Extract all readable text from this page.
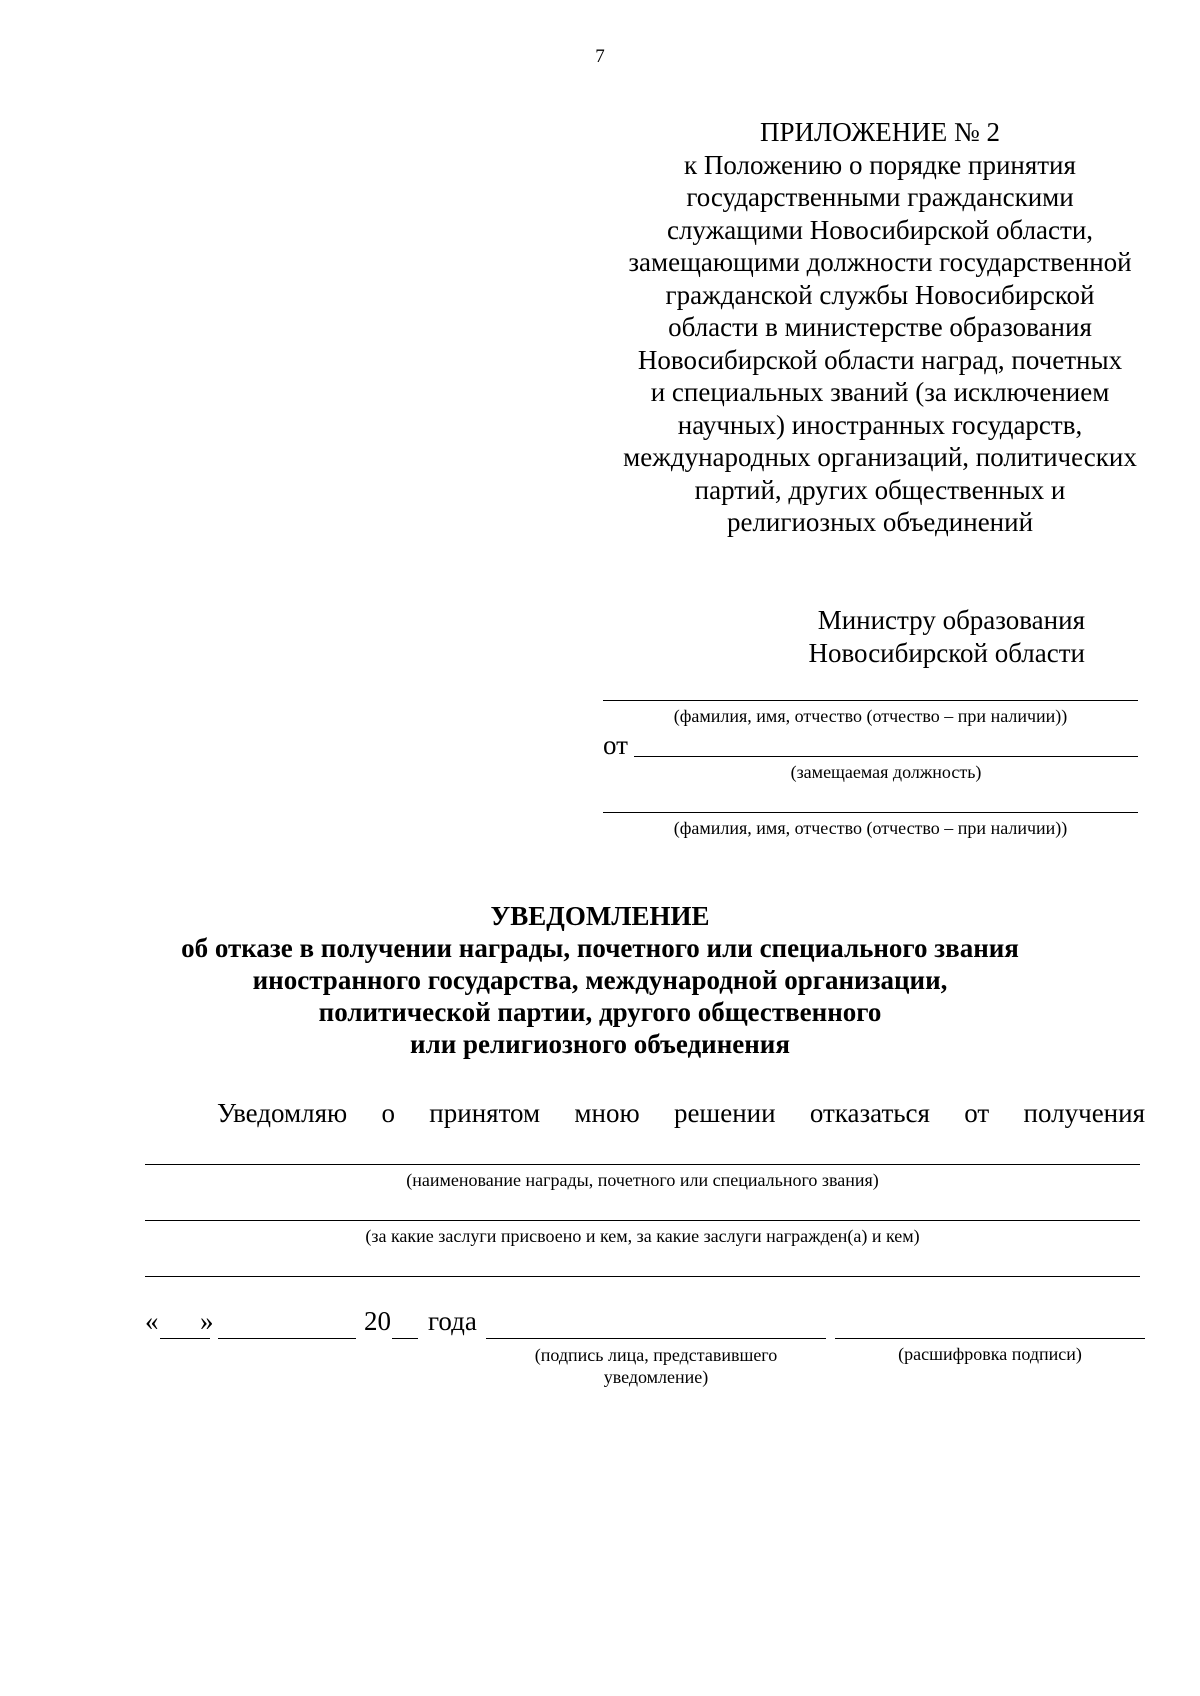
7
ПРИЛОЖЕНИЕ № 2
к Положению о порядке принятия
государственными гражданскими
служащими Новосибирской области,
замещающими должности государственной
гражданской службы Новосибирской
области в министерстве образования
Новосибирской области наград, почетных
и специальных званий (за исключением
научных) иностранных государств,
международных организаций, политических
партий, других общественных и
религиозных объединений
Министру образования
Новосибирской области
(фамилия, имя, отчество (отчество – при наличии))
от
(замещаемая должность)
(фамилия, имя, отчество (отчество – при наличии))
УВЕДОМЛЕНИЕ
об отказе в получении награды, почетного или специального звания
иностранного государства, международной организации,
политической партии, другого общественного
или религиозного объединения
Уведомляю о принятом мною решении отказаться от получения
(наименование награды, почетного или специального звания)
(за какие заслуги присвоено и кем, за какие заслуги награжден(а) и кем)
« »	20 года
(подпись лица, представившего
уведомление)
(расшифровка подписи)
